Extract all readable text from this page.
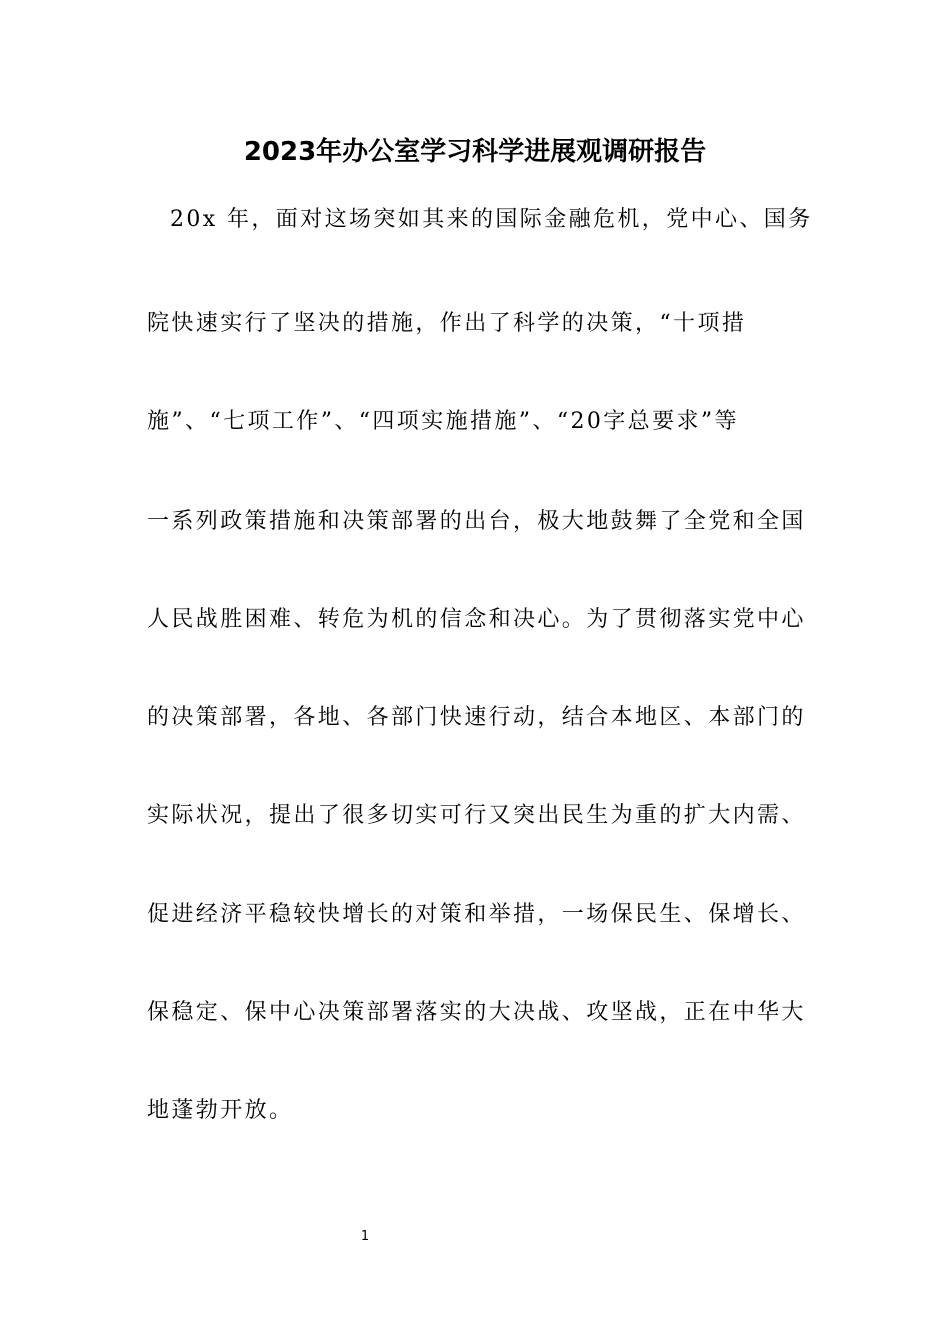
2023年办公室学习科学进展观调研报告
20x 年，面对这场突如其来的国际金融危机，党中心、国务
院快速实行了坚决的措施，作出了科学的决策，“十项措
施”、“七项工作”、“四项实施措施”、“20字总要求”等
一系列政策措施和决策部署的出台，极大地鼓舞了全党和全国
人民战胜困难、转危为机的信念和决心。为了贯彻落实党中心
的决策部署，各地、各部门快速行动，结合本地区、本部门的
实际状况，提出了很多切实可行又突出民生为重的扩大内需、
促进经济平稳较快增长的对策和举措，一场保民生、保增长、
保稳定、保中心决策部署落实的大决战、攻坚战，正在中华大
地蓬勃开放。
1
